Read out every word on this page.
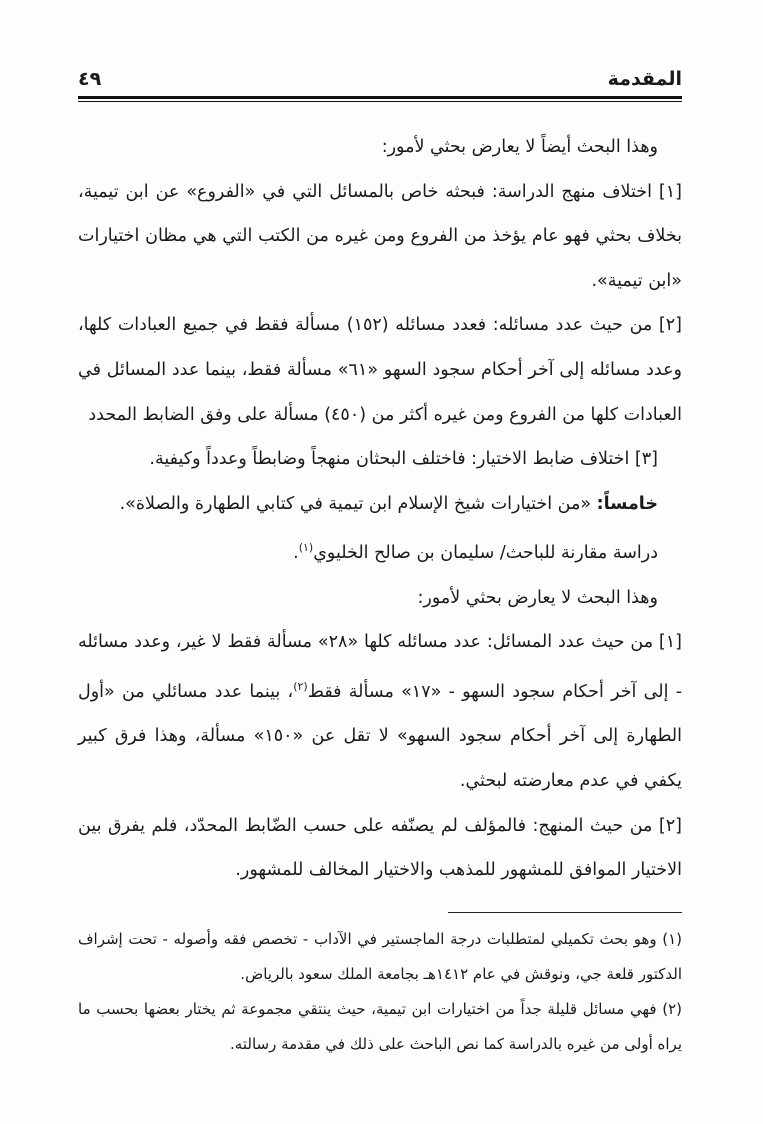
المقدمة
٤٩

وهذا البحث أيضاً لا يعارض بحثي لأمور:

[١] اختلاف منهج الدراسة: فبحثه خاص بالمسائل التي في «الفروع» عن ابن تيمية، بخلاف بحثي فهو عام يؤخذ من الفروع ومن غيره من الكتب التي هي مظان اختيارات «ابن تيمية».

[٢] من حيث عدد مسائله: فعدد مسائله (١٥٢) مسألة فقط في جميع العبادات كلها، وعدد مسائله إلى آخر أحكام سجود السهو «٦١» مسألة فقط، بينما عدد المسائل في العبادات كلها من الفروع ومن غيره أكثر من (٤٥٠) مسألة على وفق الضابط المحدد

[٣] اختلاف ضابط الاختيار: فاختلف البحثان منهجاً وضابطاً وعدداً وكيفية.

خامساً: «من اختيارات شيخ الإسلام ابن تيمية في كتابي الطهارة والصلاة».

دراسة مقارنة للباحث/ سليمان بن صالح الخليوي$^{(١)}$.

وهذا البحث لا يعارض بحثي لأمور:

[١] من حيث عدد المسائل: عدد مسائله كلها «٢٨» مسألة فقط لا غير، وعدد مسائله - إلى آخر أحكام سجود السهو - «١٧» مسألة فقط$^{(٢)}$، بينما عدد مسائلي من «أول الطهارة إلى آخر أحكام سجود السهو» لا تقل عن «١٥٠» مسألة، وهذا فرق كبير يكفي في عدم معارضته لبحثي.

[٢] من حيث المنهج: فالمؤلف لم يصنّفه على حسب الضّابط المحدّد، فلم يفرق بين الاختيار الموافق للمشهور للمذهب والاختيار المخالف للمشهور.

(١) وهو بحث تكميلي لمتطلبات درجة الماجستير في الآداب - تخصص فقه وأصوله - تحت إشراف الدكتور قلعة جي، ونوقش في عام ١٤١٢هـ بجامعة الملك سعود بالرياض.

(٢) فهي مسائل قليلة جداً من اختيارات ابن تيمية، حيث ينتقي مجموعة ثم يختار بعضها بحسب ما يراه أولى من غيره بالدراسة كما نص الباحث على ذلك في مقدمة رسالته.
